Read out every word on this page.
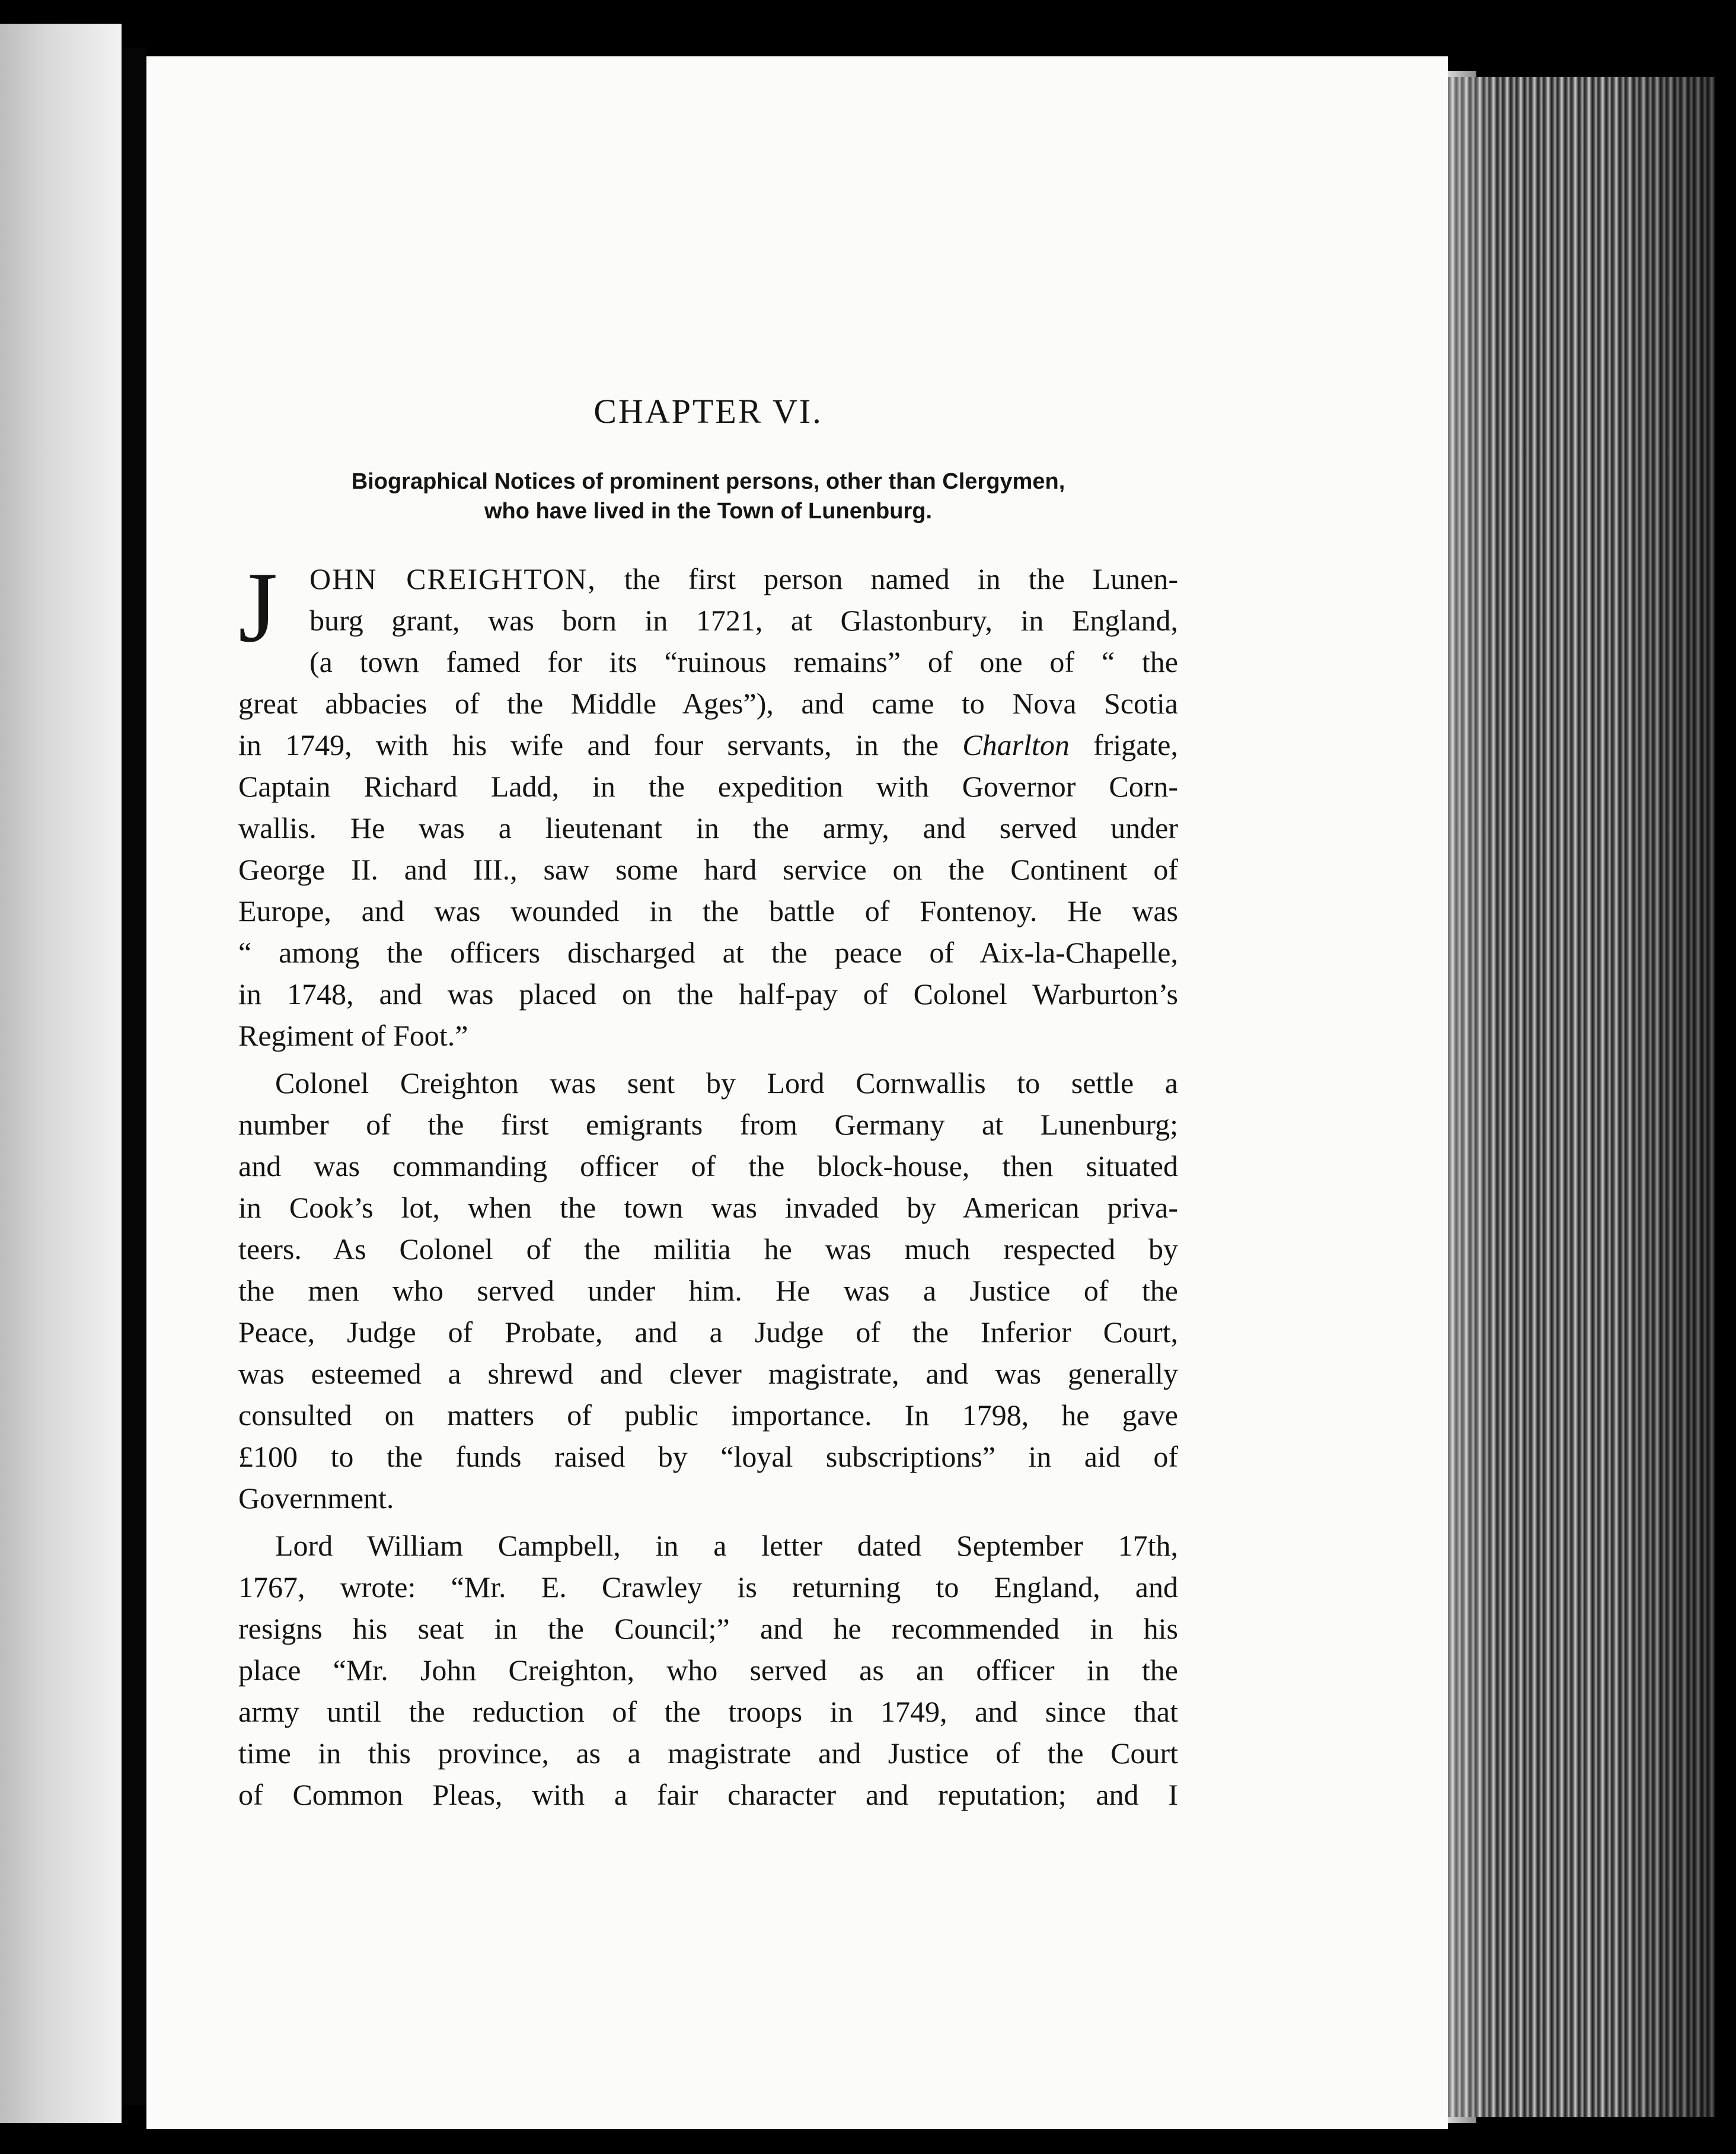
CHAPTER VI.
Biographical Notices of prominent persons, other than Clergymen,
who have lived in the Town of Lunenburg.
J	OHN CREIGHTON, the first person named in the Lunen-
burg grant, was born in 1721, at Glastonbury, in England,
(a town famed for its “ruinous remains” of one of “ the
great abbacies of the Middle Ages”), and came to Nova Scotia
in 1749, with his wife and four servants, in the Charlton frigate,
Captain Richard Ladd, in the expedition with Governor Corn-
wallis. He was a lieutenant in the army, and served under
George II. and III., saw some hard service on the Continent of
Europe, and was wounded in the battle of Fontenoy. He was
“ among the officers discharged at the peace of Aix-la-Chapelle,
in 1748, and was placed on the half-pay of Colonel Warburton’s
Regiment of Foot.”
Colonel Creighton was sent by Lord Cornwallis to settle a
number of the first emigrants from Germany at Lunenburg;
and was commanding officer of the block-house, then situated
in Cook’s lot, when the town was invaded by American priva-
teers. As Colonel of the militia he was much respected by
the men who served under him. He was a Justice of the
Peace, Judge of Probate, and a Judge of the Inferior Court,
was esteemed a shrewd and clever magistrate, and was generally
consulted on matters of public importance. In 1798, he gave
£100 to the funds raised by “loyal subscriptions” in aid of
Government.
Lord William Campbell, in a letter dated September 17th,
1767, wrote: “Mr. E. Crawley is returning to England, and
resigns his seat in the Council;” and he recommended in his
place “Mr. John Creighton, who served as an officer in the
army until the reduction of the troops in 1749, and since that
time in this province, as a magistrate and Justice of the Court
of Common Pleas, with a fair character and reputation; and I
